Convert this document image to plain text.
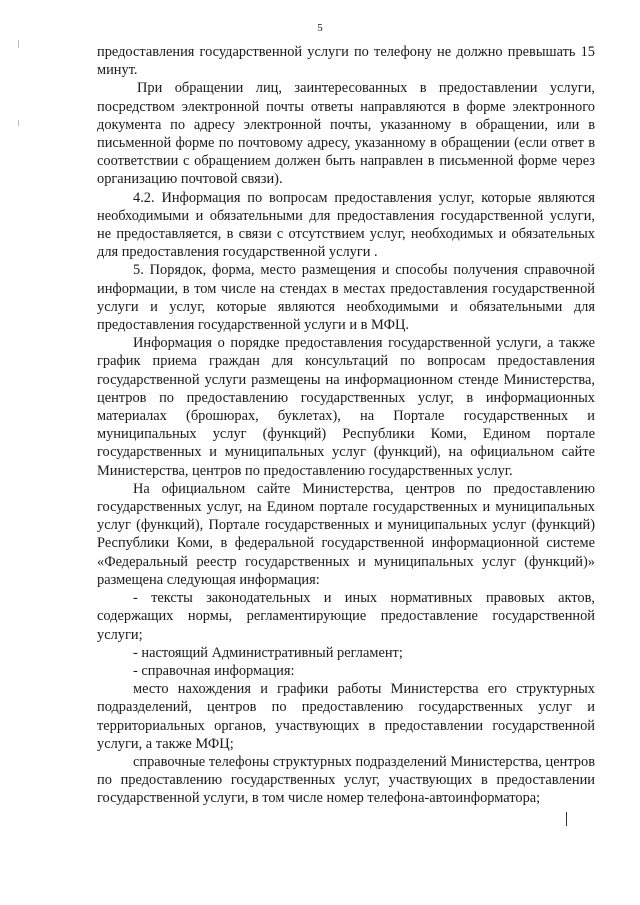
5

предоставления государственной услуги по телефону не должно превышать 15 минут.

При обращении лиц, заинтересованных в предоставлении услуги, посредством электронной почты ответы направляются в форме электронного документа по адресу электронной почты, указанному в обращении, или в письменной форме по почтовому адресу, указанному в обращении (если ответ в соответствии с обращением должен быть направлен в письменной форме через организацию почтовой связи).

4.2. Информация по вопросам предоставления услуг, которые являются необходимыми и обязательными для предоставления государственной услуги, не предоставляется, в связи с отсутствием услуг, необходимых и обязательных для предоставления государственной услуги .

5. Порядок, форма, место размещения и способы получения справочной информации, в том числе на стендах в местах предоставления государственной услуги и услуг, которые являются необходимыми и обязательными для предоставления государственной услуги и в МФЦ.

Информация о порядке предоставления государственной услуги, а также график приема граждан для консультаций по вопросам предоставления государственной услуги размещены на информационном стенде Министерства, центров по предоставлению государственных услуг, в информационных материалах (брошюрах, буклетах), на Портале государственных и муниципальных услуг (функций) Республики Коми, Едином портале государственных и муниципальных услуг (функций), на официальном сайте Министерства, центров по предоставлению государственных услуг.

На официальном сайте Министерства, центров по предоставлению государственных услуг, на Едином портале государственных и муниципальных услуг (функций), Портале государственных и муниципальных услуг (функций) Республики Коми, в федеральной государственной информационной системе «Федеральный реестр государственных и муниципальных услуг (функций)» размещена следующая информация:

- тексты законодательных и иных нормативных правовых актов, содержащих нормы, регламентирующие предоставление государственной услуги;

- настоящий Административный регламент;

- справочная информация:

место нахождения и графики работы Министерства его структурных подразделений, центров по предоставлению государственных услуг и территориальных органов, участвующих в предоставлении государственной услуги, а также МФЦ;

справочные телефоны структурных подразделений Министерства, центров по предоставлению государственных услуг, участвующих в предоставлении государственной услуги, в том числе номер телефона-автоинформатора;
